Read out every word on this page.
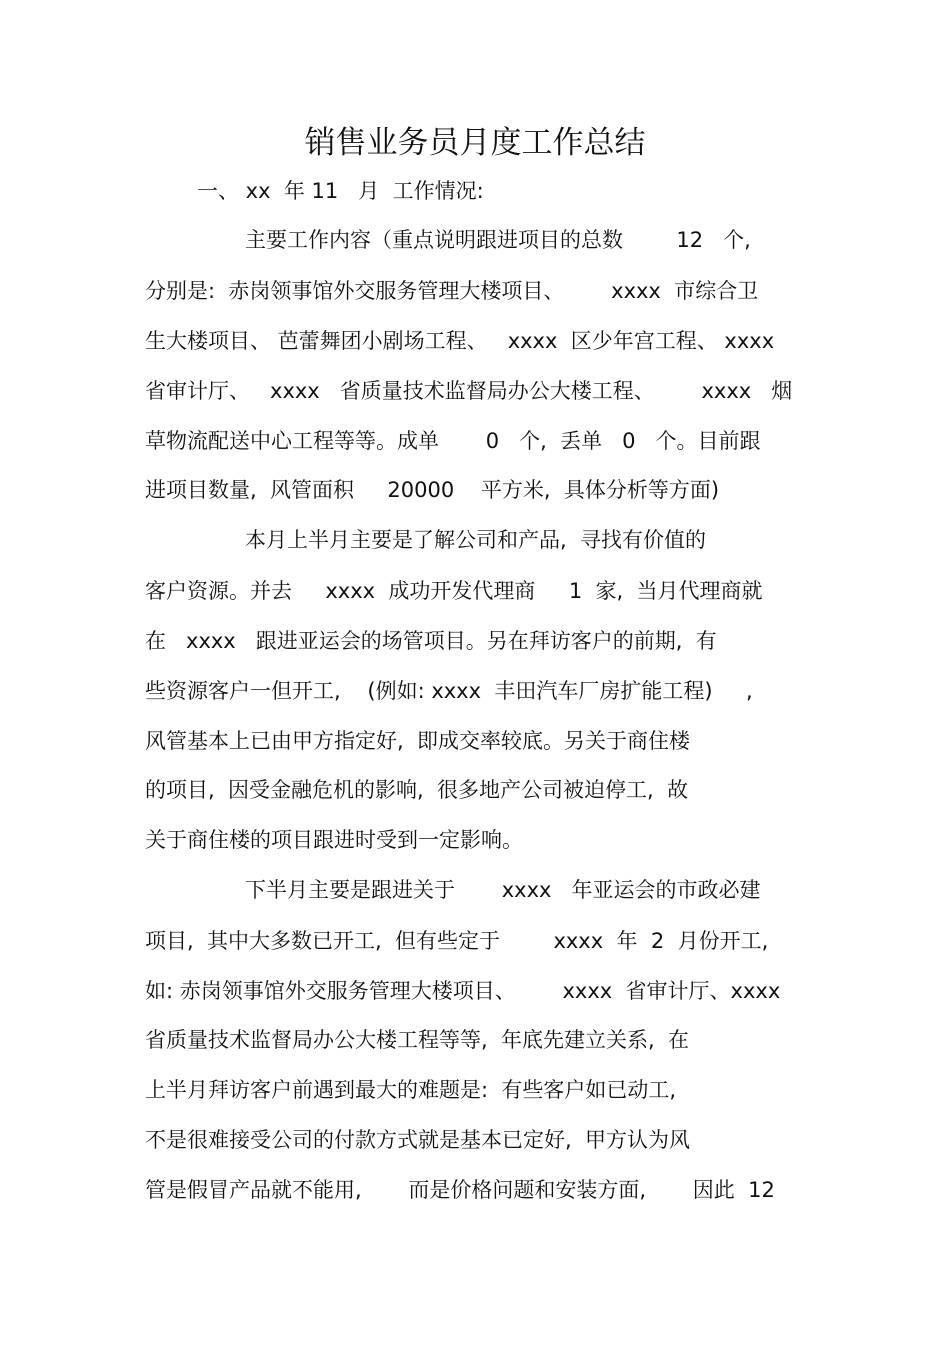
销售业务员月度工作总结
一、 xx  年 11   月  工作情况:
主要工作内容（重点说明跟进项目的总数        12   个,
分别是:  赤岗领事馆外交服务管理大楼项目、       xxxx  市综合卫
生大楼项目、 芭蕾舞团小剧场工程、   xxxx  区少年宫工程、 xxxx
省审计厅、   xxxx   省质量技术监督局办公大楼工程、       xxxx   烟
草物流配送中心工程等等。成单       0   个,  丢单   0   个。目前跟
进项目数量,  风管面积     20000    平方米,  具体分析等方面)
本月上半月主要是了解公司和产品,  寻找有价值的
客户资源。并去     xxxx  成功开发代理商     1  家,  当月代理商就
在   xxxx   跟进亚运会的场管项目。另在拜访客户的前期,  有
些资源客户一但开工,    (例如: xxxx  丰田汽车厂房扩能工程)     ,
风管基本上已由甲方指定好,  即成交率较底。另关于商住楼
的项目,  因受金融危机的影响,  很多地产公司被迫停工,  故
关于商住楼的项目跟进时受到一定影响。
下半月主要是跟进关于       xxxx   年亚运会的市政必建
项目,  其中大多数已开工,  但有些定于        xxxx  年  2  月份开工,
如: 赤岗领事馆外交服务管理大楼项目、       xxxx  省审计厅、xxxx
省质量技术监督局办公大楼工程等等,  年底先建立关系,  在
上半月拜访客户前遇到最大的难题是:  有些客户如已动工,
不是很难接受公司的付款方式就是基本已定好,  甲方认为风
管是假冒产品就不能用,       而是价格问题和安装方面,       因此  12
